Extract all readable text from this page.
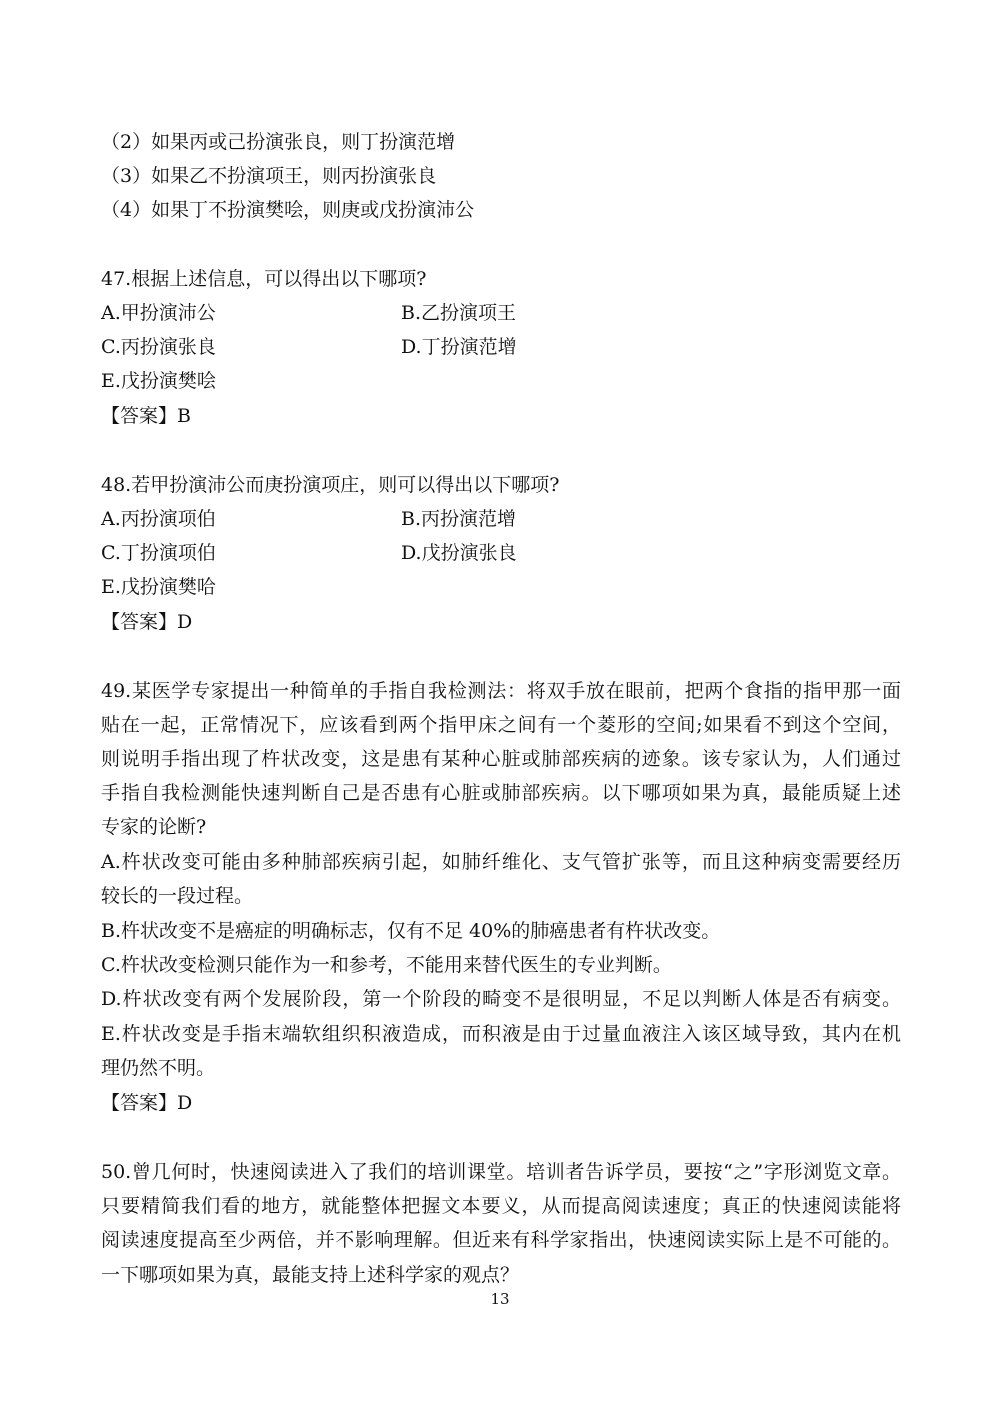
（2）如果丙或己扮演张良，则丁扮演范增
（3）如果乙不扮演项王，则丙扮演张良
（4）如果丁不扮演樊哙，则庚或戊扮演沛公
47.根据上述信息，可以得出以下哪项?
A.甲扮演沛公	B.乙扮演项王
C.丙扮演张良	D.丁扮演范增
E.戊扮演樊哙
【答案】B
48.若甲扮演沛公而庚扮演项庄，则可以得出以下哪项?
A.丙扮演项伯	B.丙扮演范增
C.丁扮演项伯	D.戊扮演张良
E.戊扮演樊哈
【答案】D
49.某医学专家提出一种简单的手指自我检测法：将双手放在眼前，把两个食指的指甲那一面
贴在一起，正常情况下，应该看到两个指甲床之间有一个菱形的空间;如果看不到这个空间，
则说明手指出现了杵状改变，这是患有某种心脏或肺部疾病的迹象。该专家认为，人们通过
手指自我检测能快速判断自己是否患有心脏或肺部疾病。以下哪项如果为真，最能质疑上述
专家的论断?
A.杵状改变可能由多种肺部疾病引起，如肺纤维化、支气管扩张等，而且这种病变需要经历
较长的一段过程。
B.杵状改变不是癌症的明确标志，仅有不足 40%的肺癌患者有杵状改变。
C.杵状改变检测只能作为一和参考，不能用来替代医生的专业判断。
D.杵状改变有两个发展阶段，第一个阶段的畸变不是很明显，不足以判断人体是否有病变。
E.杵状改变是手指末端软组织积液造成，而积液是由于过量血液注入该区域导致，其内在机
理仍然不明。
【答案】D
50.曾几何时，快速阅读进入了我们的培训课堂。培训者告诉学员，要按“之”字形浏览文章。
只要精简我们看的地方，就能整体把握文本要义，从而提高阅读速度；真正的快速阅读能将
阅读速度提高至少两倍，并不影响理解。但近来有科学家指出，快速阅读实际上是不可能的。
一下哪项如果为真，最能支持上述科学家的观点？
13
